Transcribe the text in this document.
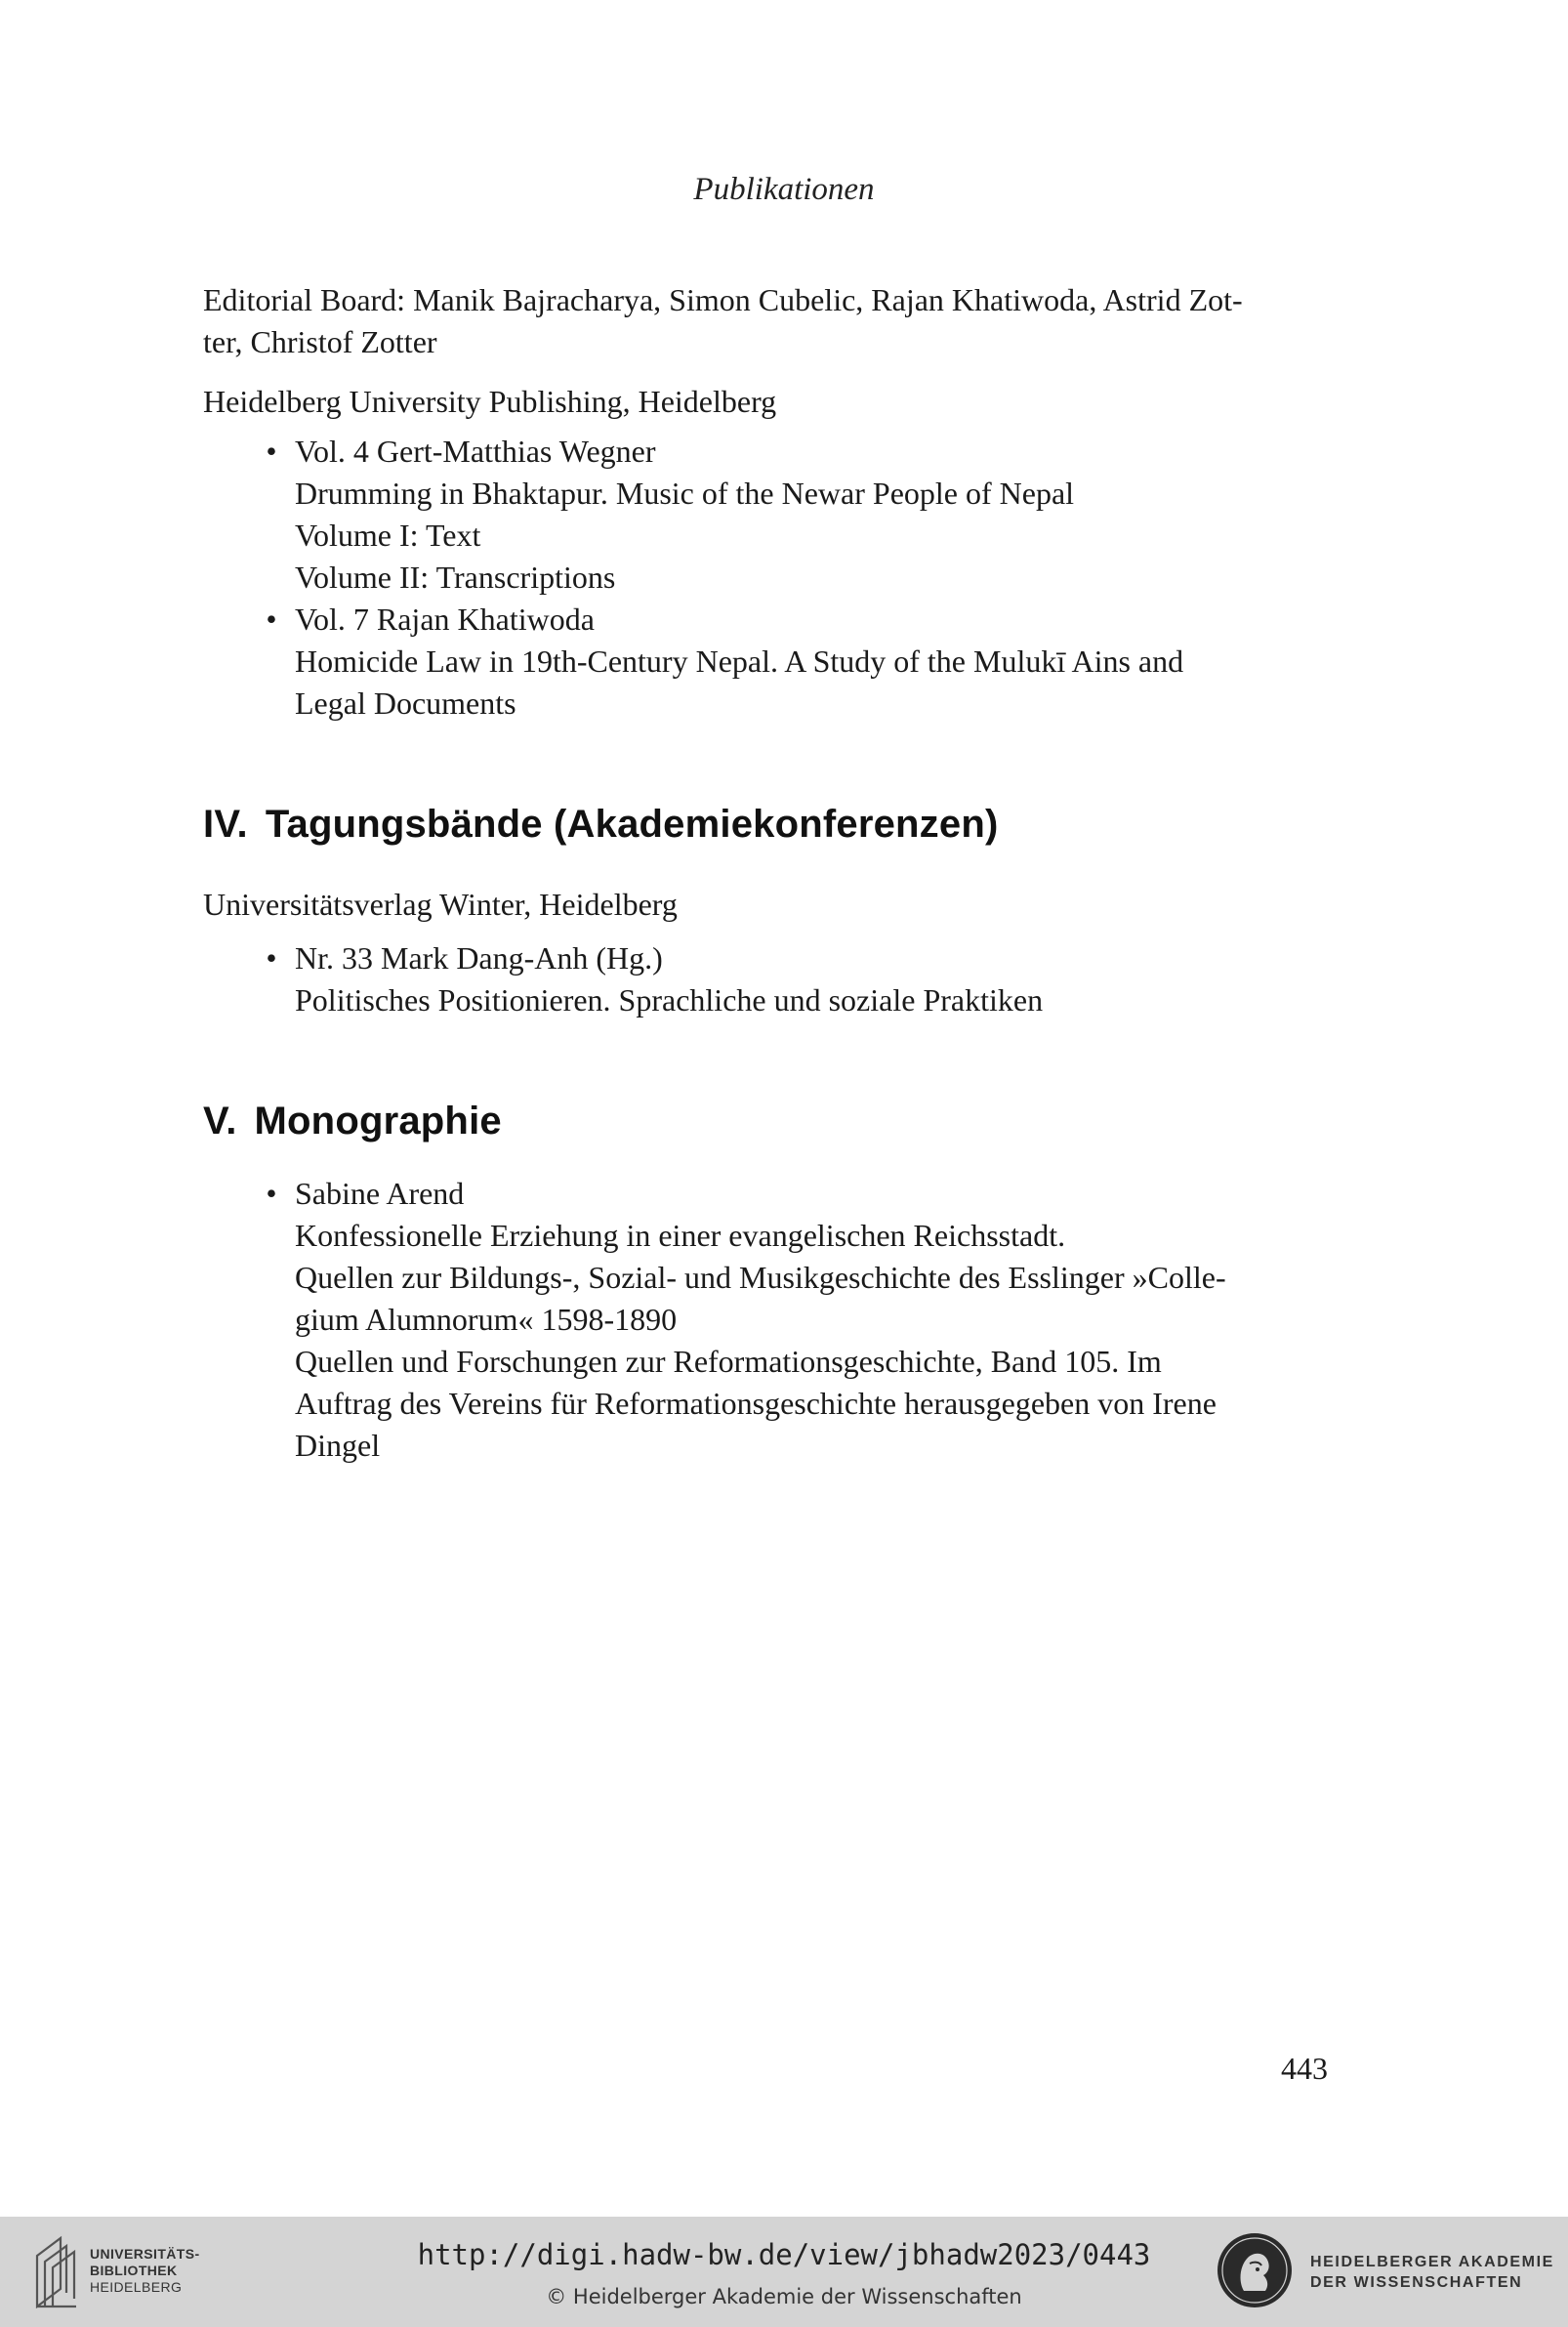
Publikationen

Editorial Board: Manik Bajracharya, Simon Cubelic, Rajan Khatiwoda, Astrid Zot-
ter, Christof Zotter

Heidelberg University Publishing, Heidelberg

• Vol. 4 Gert-Matthias Wegner
Drumming in Bhaktapur. Music of the Newar People of Nepal
Volume I: Text
Volume II: Transcriptions
• Vol. 7 Rajan Khatiwoda
Homicide Law in 19th-Century Nepal. A Study of the Mulukī Ains and
Legal Documents
IV. Tagungsbände (Akademiekonferenzen)

Universitätsverlag Winter, Heidelberg

• Nr. 33 Mark Dang-Anh (Hg.)
Politisches Positionieren. Sprachliche und soziale Praktiken
V. Monographie
• Sabine Arend
Konfessionelle Erziehung in einer evangelischen Reichsstadt.
Quellen zur Bildungs-, Sozial- und Musikgeschichte des Esslinger »Colle-
gium Alumnorum« 1598-1890
Quellen und Forschungen zur Reformationsgeschichte, Band 105. Im
Auftrag des Vereins für Reformationsgeschichte herausgegeben von Irene
Dingel
443
UNIVERSITÄTS-
BIBLIOTHEK
HEIDELBERG
http://digi.hadw-bw.de/view/jbhadw2023/0443
© Heidelberger Akademie der Wissenschaften
HEIDELBERGER AKADEMIE
DER WISSENSCHAFTEN
